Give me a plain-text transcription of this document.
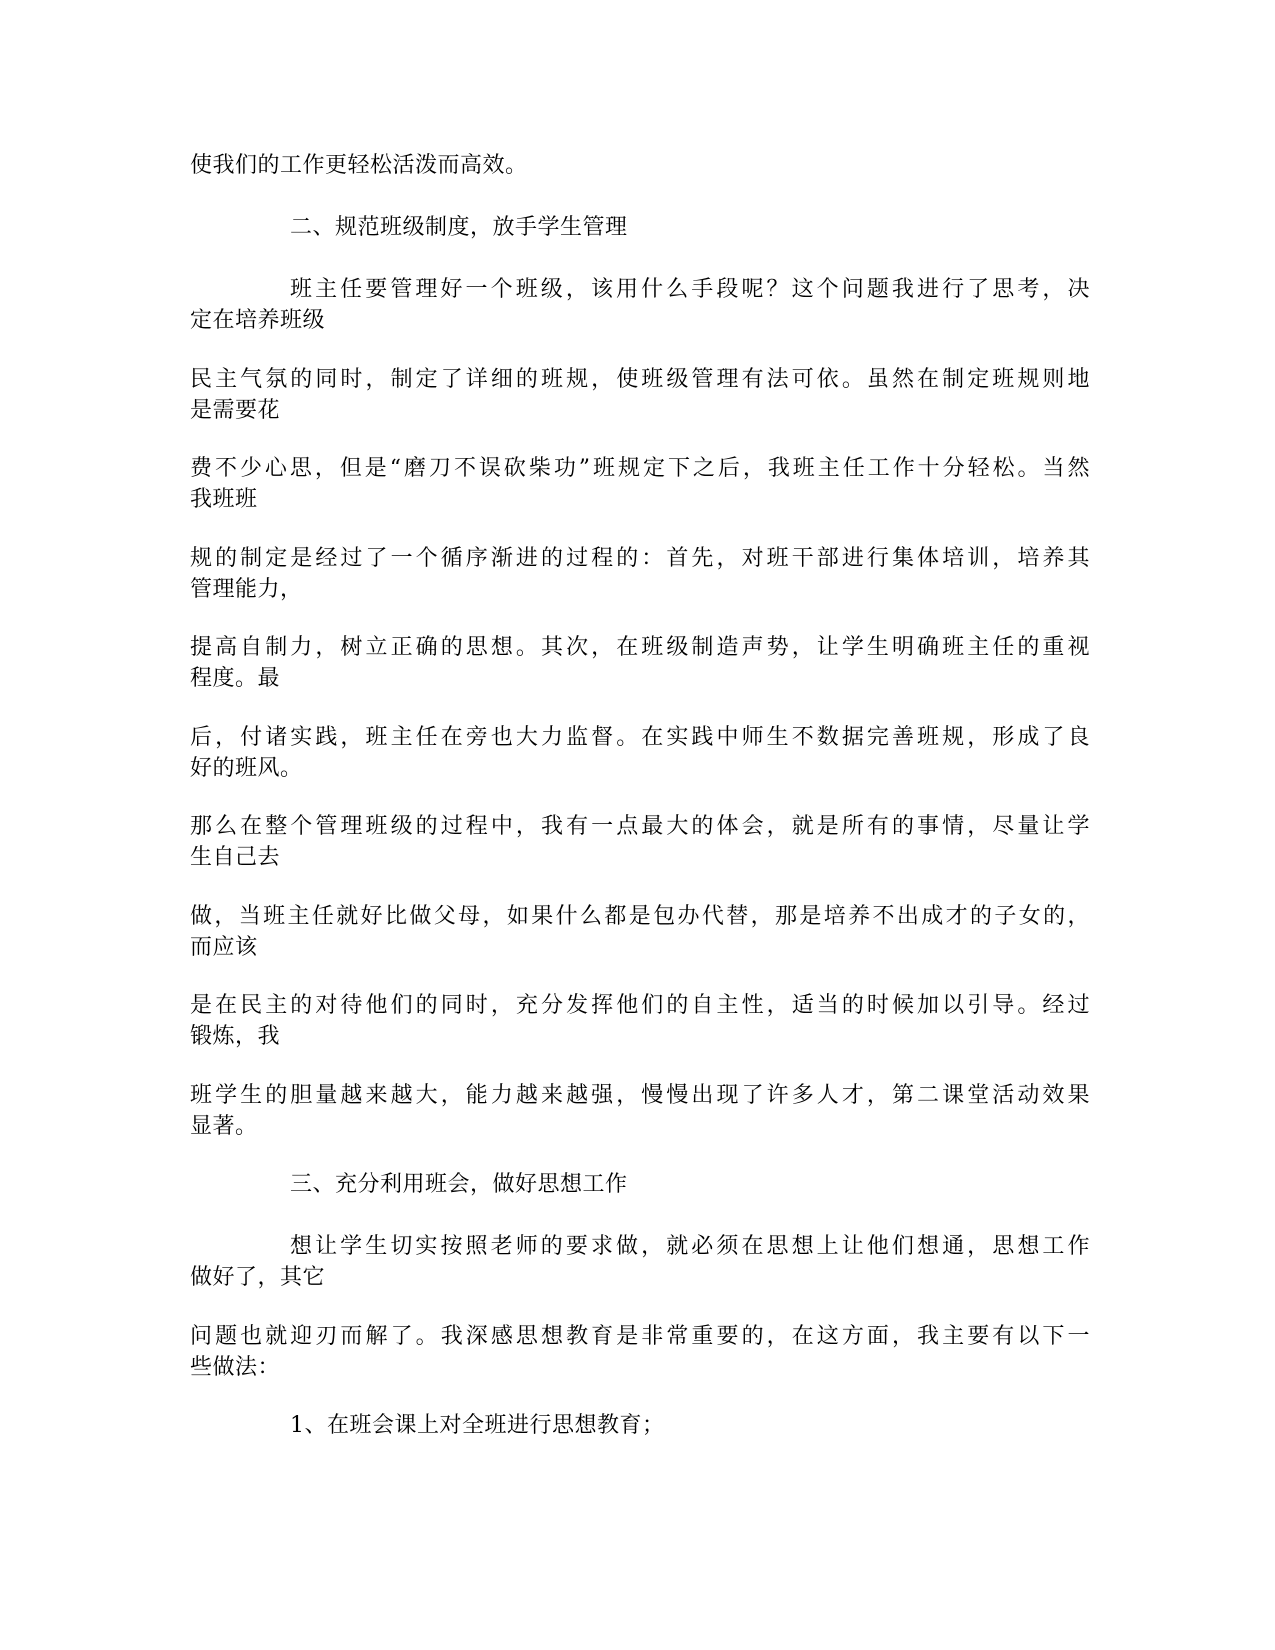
使我们的工作更轻松活泼而高效。

二、规范班级制度，放手学生管理

班主任要管理好一个班级，该用什么手段呢？这个问题我进行了思考，决
定在培养班级

民主气氛的同时，制定了详细的班规，使班级管理有法可依。虽然在制定班规则地
是需要花

费不少心思，但是“磨刀不误砍柴功”班规定下之后，我班主任工作十分轻松。当然
我班班

规的制定是经过了一个循序渐进的过程的：首先，对班干部进行集体培训，培养其
管理能力，

提高自制力，树立正确的思想。其次，在班级制造声势，让学生明确班主任的重视
程度。最

后，付诸实践，班主任在旁也大力监督。在实践中师生不数据完善班规，形成了良
好的班风。

那么在整个管理班级的过程中，我有一点最大的体会，就是所有的事情，尽量让学
生自己去

做，当班主任就好比做父母，如果什么都是包办代替，那是培养不出成才的子女的，
而应该

是在民主的对待他们的同时，充分发挥他们的自主性，适当的时候加以引导。经过
锻炼，我

班学生的胆量越来越大，能力越来越强，慢慢出现了许多人才，第二课堂活动效果
显著。

三、充分利用班会，做好思想工作

想让学生切实按照老师的要求做，就必须在思想上让他们想通，思想工作
做好了，其它

问题也就迎刃而解了。我深感思想教育是非常重要的，在这方面，我主要有以下一
些做法：

1、在班会课上对全班进行思想教育；
